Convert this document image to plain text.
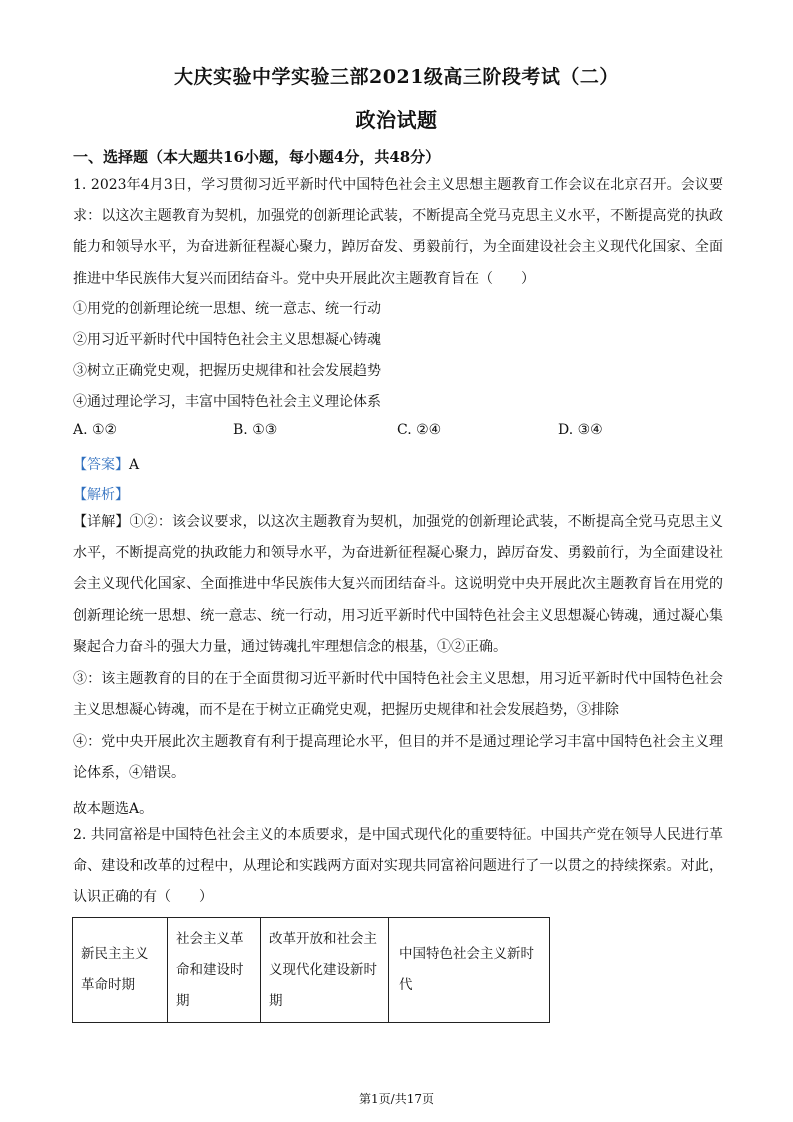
大庆实验中学实验三部2021级高三阶段考试（二）
政治试题
一、选择题（本大题共16小题，每小题4分，共48分）
1. 2023年4月3日，学习贯彻习近平新时代中国特色社会主义思想主题教育工作会议在北京召开。会议要求：以这次主题教育为契机，加强党的创新理论武装，不断提高全党马克思主义水平，不断提高党的执政能力和领导水平，为奋进新征程凝心聚力，踔厉奋发、勇毅前行，为全面建设社会主义现代化国家、全面推进中华民族伟大复兴而团结奋斗。党中央开展此次主题教育旨在（　　）
①用党的创新理论统一思想、统一意志、统一行动
②用习近平新时代中国特色社会主义思想凝心铸魂
③树立正确党史观，把握历史规律和社会发展趋势
④通过理论学习，丰富中国特色社会主义理论体系
A. ①②	B. ①③	C. ②④	D. ③④
【答案】A
【解析】
【详解】①②：该会议要求，以这次主题教育为契机，加强党的创新理论武装，不断提高全党马克思主义水平，不断提高党的执政能力和领导水平，为奋进新征程凝心聚力，踔厉奋发、勇毅前行，为全面建设社会主义现代化国家、全面推进中华民族伟大复兴而团结奋斗。这说明党中央开展此次主题教育旨在用党的创新理论统一思想、统一意志、统一行动，用习近平新时代中国特色社会主义思想凝心铸魂，通过凝心集聚起合力奋斗的强大力量，通过铸魂扎牢理想信念的根基，①②正确。
③：该主题教育的目的在于全面贯彻习近平新时代中国特色社会主义思想，用习近平新时代中国特色社会主义思想凝心铸魂，而不是在于树立正确党史观，把握历史规律和社会发展趋势，③排除
④：党中央开展此次主题教育有利于提高理论水平，但目的并不是通过理论学习丰富中国特色社会主义理论体系，④错误。
故本题选A。
2. 共同富裕是中国特色社会主义的本质要求，是中国式现代化的重要特征。中国共产党在领导人民进行革命、建设和改革的过程中，从理论和实践两方面对实现共同富裕问题进行了一以贯之的持续探索。对此，认识正确的有（　　）
新民主主义革命时期	社会主义革命和建设时期	改革开放和社会主义现代化建设新时期	中国特色社会主义新时代
第1页/共17页
